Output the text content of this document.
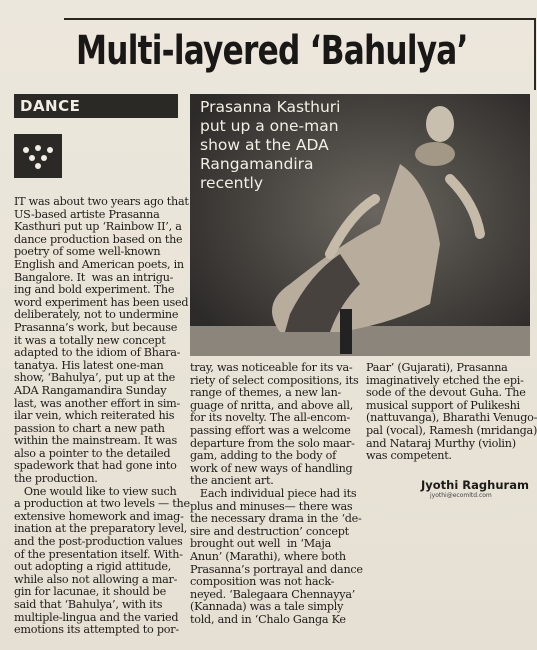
Multi-layered ‘Bahulya’
DANCE	Prasanna Kasthuri put up a one-man show at the ADA Rangamandira recently

IT was about two years ago that

US-based artiste Prasanna

Kasthuri put up ‘Rainbow II’, a

dance production based on the

poetry of some well-known

English and American poets, in

Bangalore. It  was an intrigu-

ing and bold experiment. The

word experiment has been used

deliberately, not to undermine

Prasanna’s work, but because

it was a totally new concept

adapted to the idiom of Bhara-

tanatya. His latest one-man

show, ‘Bahulya’, put up at the

ADA Rangamandira Sunday

last, was another effort in sim-

ilar vein, which reiterated his

passion to chart a new path

within the mainstream. It was

also a pointer to the detailed

spadework that had gone into

the production.

One would like to view such

a production at two levels — the

extensive homework and imag-

ination at the preparatory level,

and the post-production values

of the presentation itself. With-

out adopting a rigid attitude,

while also not allowing a mar-

gin for lacunae, it should be

said that ‘Bahulya’, with its

multiple-lingua and the varied

emotions its attempted to por-

tray, was noticeable for its va-

riety of select compositions, its

range of themes, a new lan-

guage of nritta, and above all,

for its novelty. The all-encom-

passing effort was a welcome

departure from the solo maar-

gam, adding to the body of

work of new ways of handling

the ancient art.

Each individual piece had its

plus and minuses— there was

the necessary drama in the ‘de-

sire and destruction’ concept

brought out well  in ‘Maja

Anun’ (Marathi), where both

Prasanna’s portrayal and dance

composition was not hack-

neyed. ‘Balegaara Chennayya’

(Kannada) was a tale simply

told, and in ‘Chalo Ganga Ke

Paar’ (Gujarati), Prasanna

imaginatively etched the epi-

sode of the devout Guha. The

musical support of Pulikeshi

(nattuvanga), Bharathi Venugo-

pal (vocal), Ramesh (mridanga)

and Nataraj Murthy (violin)

was competent.

Jyothi Raghuram
jyothi@ecomltd.com
